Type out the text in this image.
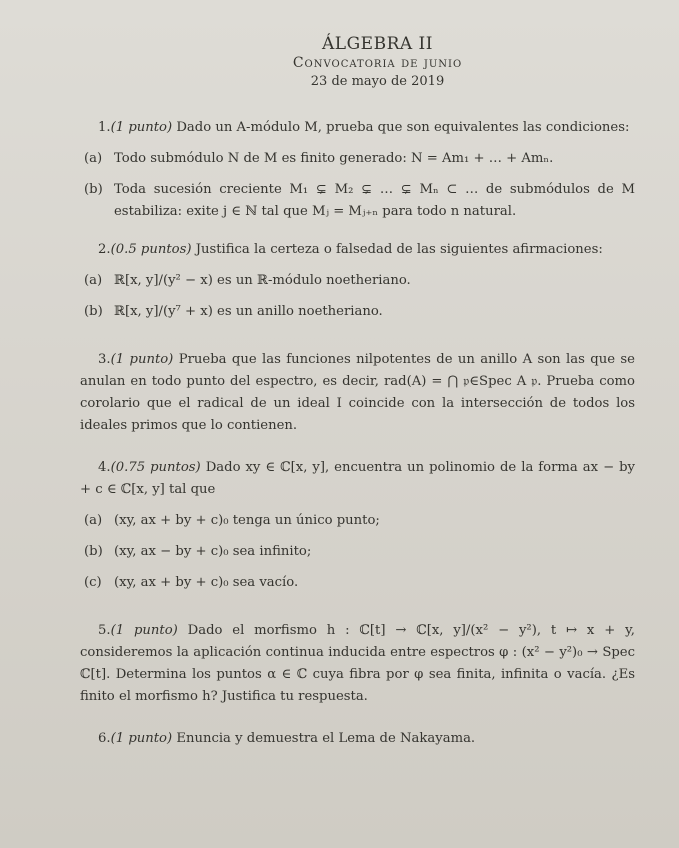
ÁLGEBRA II
Convocatoria de junio
23 de mayo de 2019

1.(1 punto) Dado un A-módulo M, prueba que son equivalentes las condiciones:

(a) Todo submódulo N de M es finito generado: N = Am₁ + … + Amₙ.
(b) Toda sucesión creciente M₁ ⊊ M₂ ⊊ … ⊊ Mₙ ⊂ … de submódulos de M estabiliza: exite j ∈ ℕ tal que Mⱼ = Mⱼ₊ₙ para todo n natural.

2.(0.5 puntos) Justifica la certeza o falsedad de las siguientes afirmaciones:

(a) ℝ[x, y]/(y² − x) es un ℝ-módulo noetheriano.
(b) ℝ[x, y]/(y⁷ + x) es un anillo noetheriano.

3.(1 punto) Prueba que las funciones nilpotentes de un anillo A son las que se anulan en todo punto del espectro, es decir, rad(A) = ⋂ 𝔭∈Spec A 𝔭. Prueba como corolario que el radical de un ideal I coincide con la intersección de todos los ideales primos que lo contienen.

4.(0.75 puntos) Dado xy ∈ ℂ[x, y], encuentra un polinomio de la forma ax − by + c ∈ ℂ[x, y] tal que

(a) (xy, ax + by + c)₀ tenga un único punto;
(b) (xy, ax − by + c)₀ sea infinito;
(c) (xy, ax + by + c)₀ sea vacío.

5.(1 punto) Dado el morfismo h : ℂ[t] → ℂ[x, y]/(x² − y²), t ↦ x + y, consideremos la aplicación continua inducida entre espectros φ : (x² − y²)₀ → Spec ℂ[t]. Determina los puntos α ∈ ℂ cuya fibra por φ sea finita, infinita o vacía. ¿Es finito el morfismo h? Justifica tu respuesta.

6.(1 punto) Enuncia y demuestra el Lema de Nakayama.
